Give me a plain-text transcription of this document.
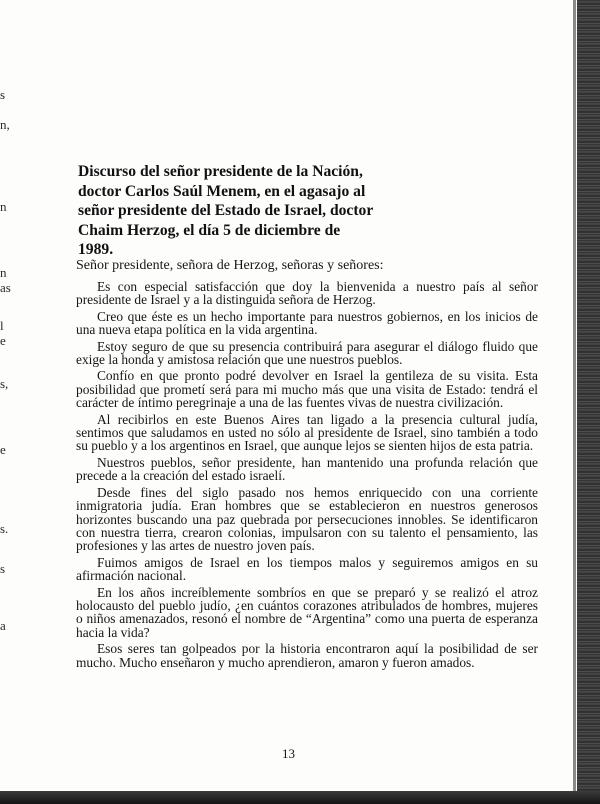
s

n,

n

n

as

l

e

s,

e

s.

s

a

Discurso del señor presidente de la Nación, doctor Carlos Saúl Menem, en el agasajo al señor presidente del Estado de Israel, doctor Chaim Herzog, el día 5 de diciembre de 1989.

Señor presidente, señora de Herzog, señoras y señores:

Es con especial satisfacción que doy la bienvenida a nuestro país al señor presidente de Israel y a la distinguida señora de Herzog.

Creo que éste es un hecho importante para nuestros gobiernos, en los inicios de una nueva etapa política en la vida argentina.

Estoy seguro de que su presencia contribuirá para asegurar el diálogo fluido que exige la honda y amistosa relación que une nuestros pueblos.

Confío en que pronto podré devolver en Israel la gentileza de su visita. Esta posibilidad que prometí será para mi mucho más que una visita de Estado: tendrá el carácter de íntimo peregrinaje a una de las fuentes vivas de nuestra civilización.

Al recibirlos en este Buenos Aires tan ligado a la presencia cultural judía, sentimos que saludamos en usted no sólo al presidente de Israel, sino también a todo su pueblo y a los argentinos en Israel, que aunque lejos se sienten hijos de esta patria.

Nuestros pueblos, señor presidente, han mantenido una profunda relación que precede a la creación del estado israelí.

Desde fines del siglo pasado nos hemos enriquecido con una corriente inmigratoria judía. Eran hombres que se establecieron en nuestros generosos horizontes buscando una paz quebrada por persecuciones innobles. Se identificaron con nuestra tierra, crearon colonias, impulsaron con su talento el pensamiento, las profesiones y las artes de nuestro joven país.

Fuimos amigos de Israel en los tiempos malos y seguiremos amigos en su afirmación nacional.

En los años increíblemente sombríos en que se preparó y se realizó el atroz holocausto del pueblo judío, ¿en cuántos corazones atribulados de hombres, mujeres o niños amenazados, resonó el nombre de “Argentina” como una puerta de esperanza hacia la vida?

Esos seres tan golpeados por la historia encontraron aquí la posibilidad de ser mucho. Mucho enseñaron y mucho aprendieron, amaron y fueron amados.

13
